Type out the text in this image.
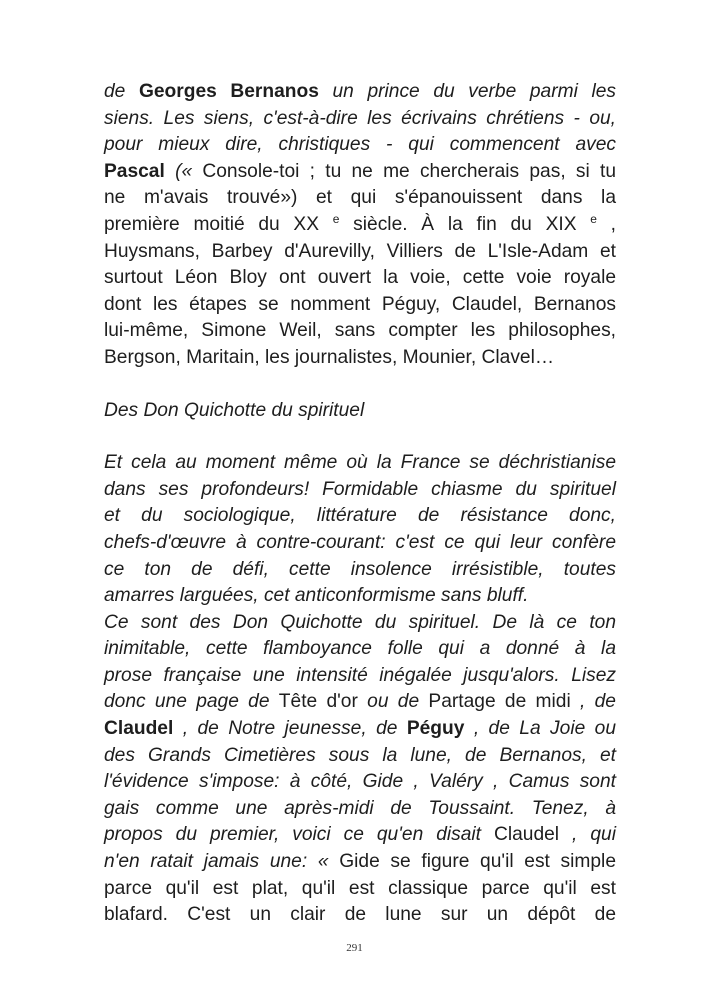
de Georges Bernanos un prince du verbe parmi les
siens. Les siens, c'est-à-dire les écrivains chrétiens - ou,
pour mieux dire, christiques - qui commencent avec
Pascal (« Console-toi ; tu ne me chercherais pas, si tu
ne m'avais trouvé») et qui s'épanouissent dans la
première moitié du XX $^e$ siècle. À la fin du XIX $^e$ ,
Huysmans, Barbey d'Aurevilly, Villiers de L'Isle-Adam et
surtout Léon Bloy ont ouvert la voie, cette voie royale
dont les étapes se nomment Péguy, Claudel, Bernanos
lui-même, Simone Weil, sans compter les philosophes,
Bergson, Maritain, les journalistes, Mounier, Clavel…
Des Don Quichotte du spirituel
Et cela au moment même où la France se déchristianise
dans ses profondeurs! Formidable chiasme du spirituel
et du sociologique, littérature de résistance donc,
chefs-d'œuvre à contre-courant: c'est ce qui leur confère
ce ton de défi, cette insolence irrésistible, toutes
amarres larguées, cet anticonformisme sans bluff.
Ce sont des Don Quichotte du spirituel. De là ce ton
inimitable, cette flamboyance folle qui a donné à la
prose française une intensité inégalée jusqu'alors. Lisez
donc une page de Tête d'or ou de Partage de midi , de
Claudel , de Notre jeunesse, de Péguy , de La Joie ou
des Grands Cimetières sous la lune, de Bernanos, et
l'évidence s'impose: à côté, Gide , Valéry , Camus sont
gais comme une après-midi de Toussaint. Tenez, à
propos du premier, voici ce qu'en disait Claudel , qui
n'en ratait jamais une: « Gide se figure qu'il est simple
parce qu'il est plat, qu'il est classique parce qu'il est
blafard. C'est un clair de lune sur un dépôt de
291
